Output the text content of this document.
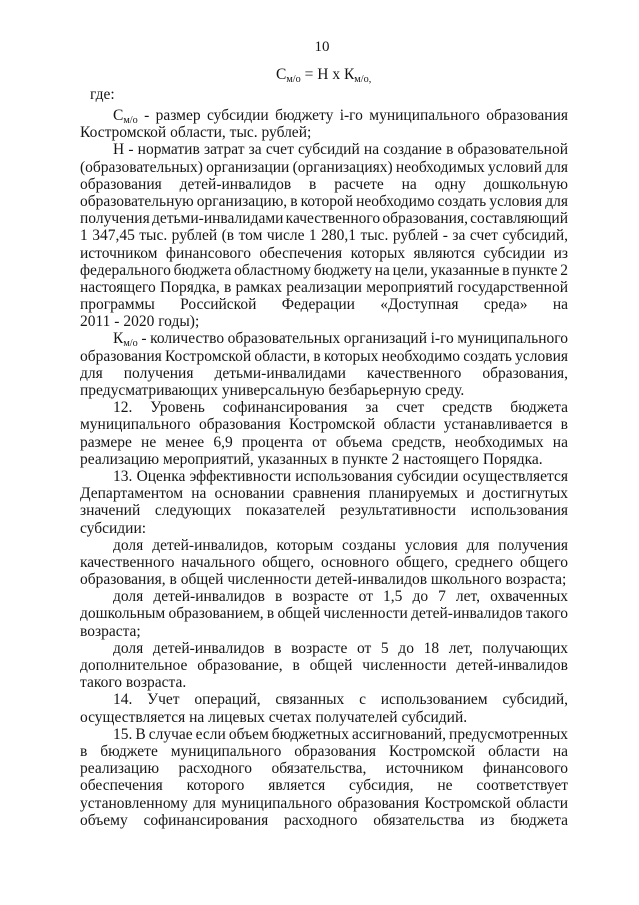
10
$С_{м/о} = Н$ х $К_{м/о,}$
где:
$С_{м/о}$ - размер субсидии бюджету i-го муниципального образования
Костромской области, тыс. рублей;
Н - норматив затрат за счет субсидий на создание в образовательной
(образовательных) организации (организациях) необходимых условий для
образования детей-инвалидов в расчете на одну дошкольную
образовательную организацию, в которой необходимо создать условия для
получения детьми-инвалидами качественного образования, составляющий
1 347,45 тыс. рублей (в том числе 1 280,1 тыс. рублей - за счет субсидий,
источником финансового обеспечения которых являются субсидии из
федерального бюджета областному бюджету на цели, указанные в пункте 2
настоящего Порядка, в рамках реализации мероприятий государственной
программы Российской Федерации «Доступная среда» на
2011 - 2020 годы);
$К_{м/о}$ - количество образовательных организаций i-го муниципального
образования Костромской области, в которых необходимо создать условия
для получения детьми-инвалидами качественного образования,
предусматривающих универсальную безбарьерную среду.
12. Уровень софинансирования за счет средств бюджета
муниципального образования Костромской области устанавливается в
размере не менее 6,9 процента от объема средств, необходимых на
реализацию мероприятий, указанных в пункте 2 настоящего Порядка.
13. Оценка эффективности использования субсидии осуществляется
Департаментом на основании сравнения планируемых и достигнутых
значений следующих показателей результативности использования
субсидии:
доля детей-инвалидов, которым созданы условия для получения
качественного начального общего, основного общего, среднего общего
образования, в общей численности детей-инвалидов школьного возраста;
доля детей-инвалидов в возрасте от 1,5 до 7 лет, охваченных
дошкольным образованием, в общей численности детей-инвалидов такого
возраста;
доля детей-инвалидов в возрасте от 5 до 18 лет, получающих
дополнительное образование, в общей численности детей-инвалидов
такого возраста.
14. Учет операций, связанных с использованием субсидий,
осуществляется на лицевых счетах получателей субсидий.
15. В случае если объем бюджетных ассигнований, предусмотренных
в бюджете муниципального образования Костромской области на
реализацию расходного обязательства, источником финансового
обеспечения которого является субсидия, не соответствует
установленному для муниципального образования Костромской области
объему софинансирования расходного обязательства из бюджета
